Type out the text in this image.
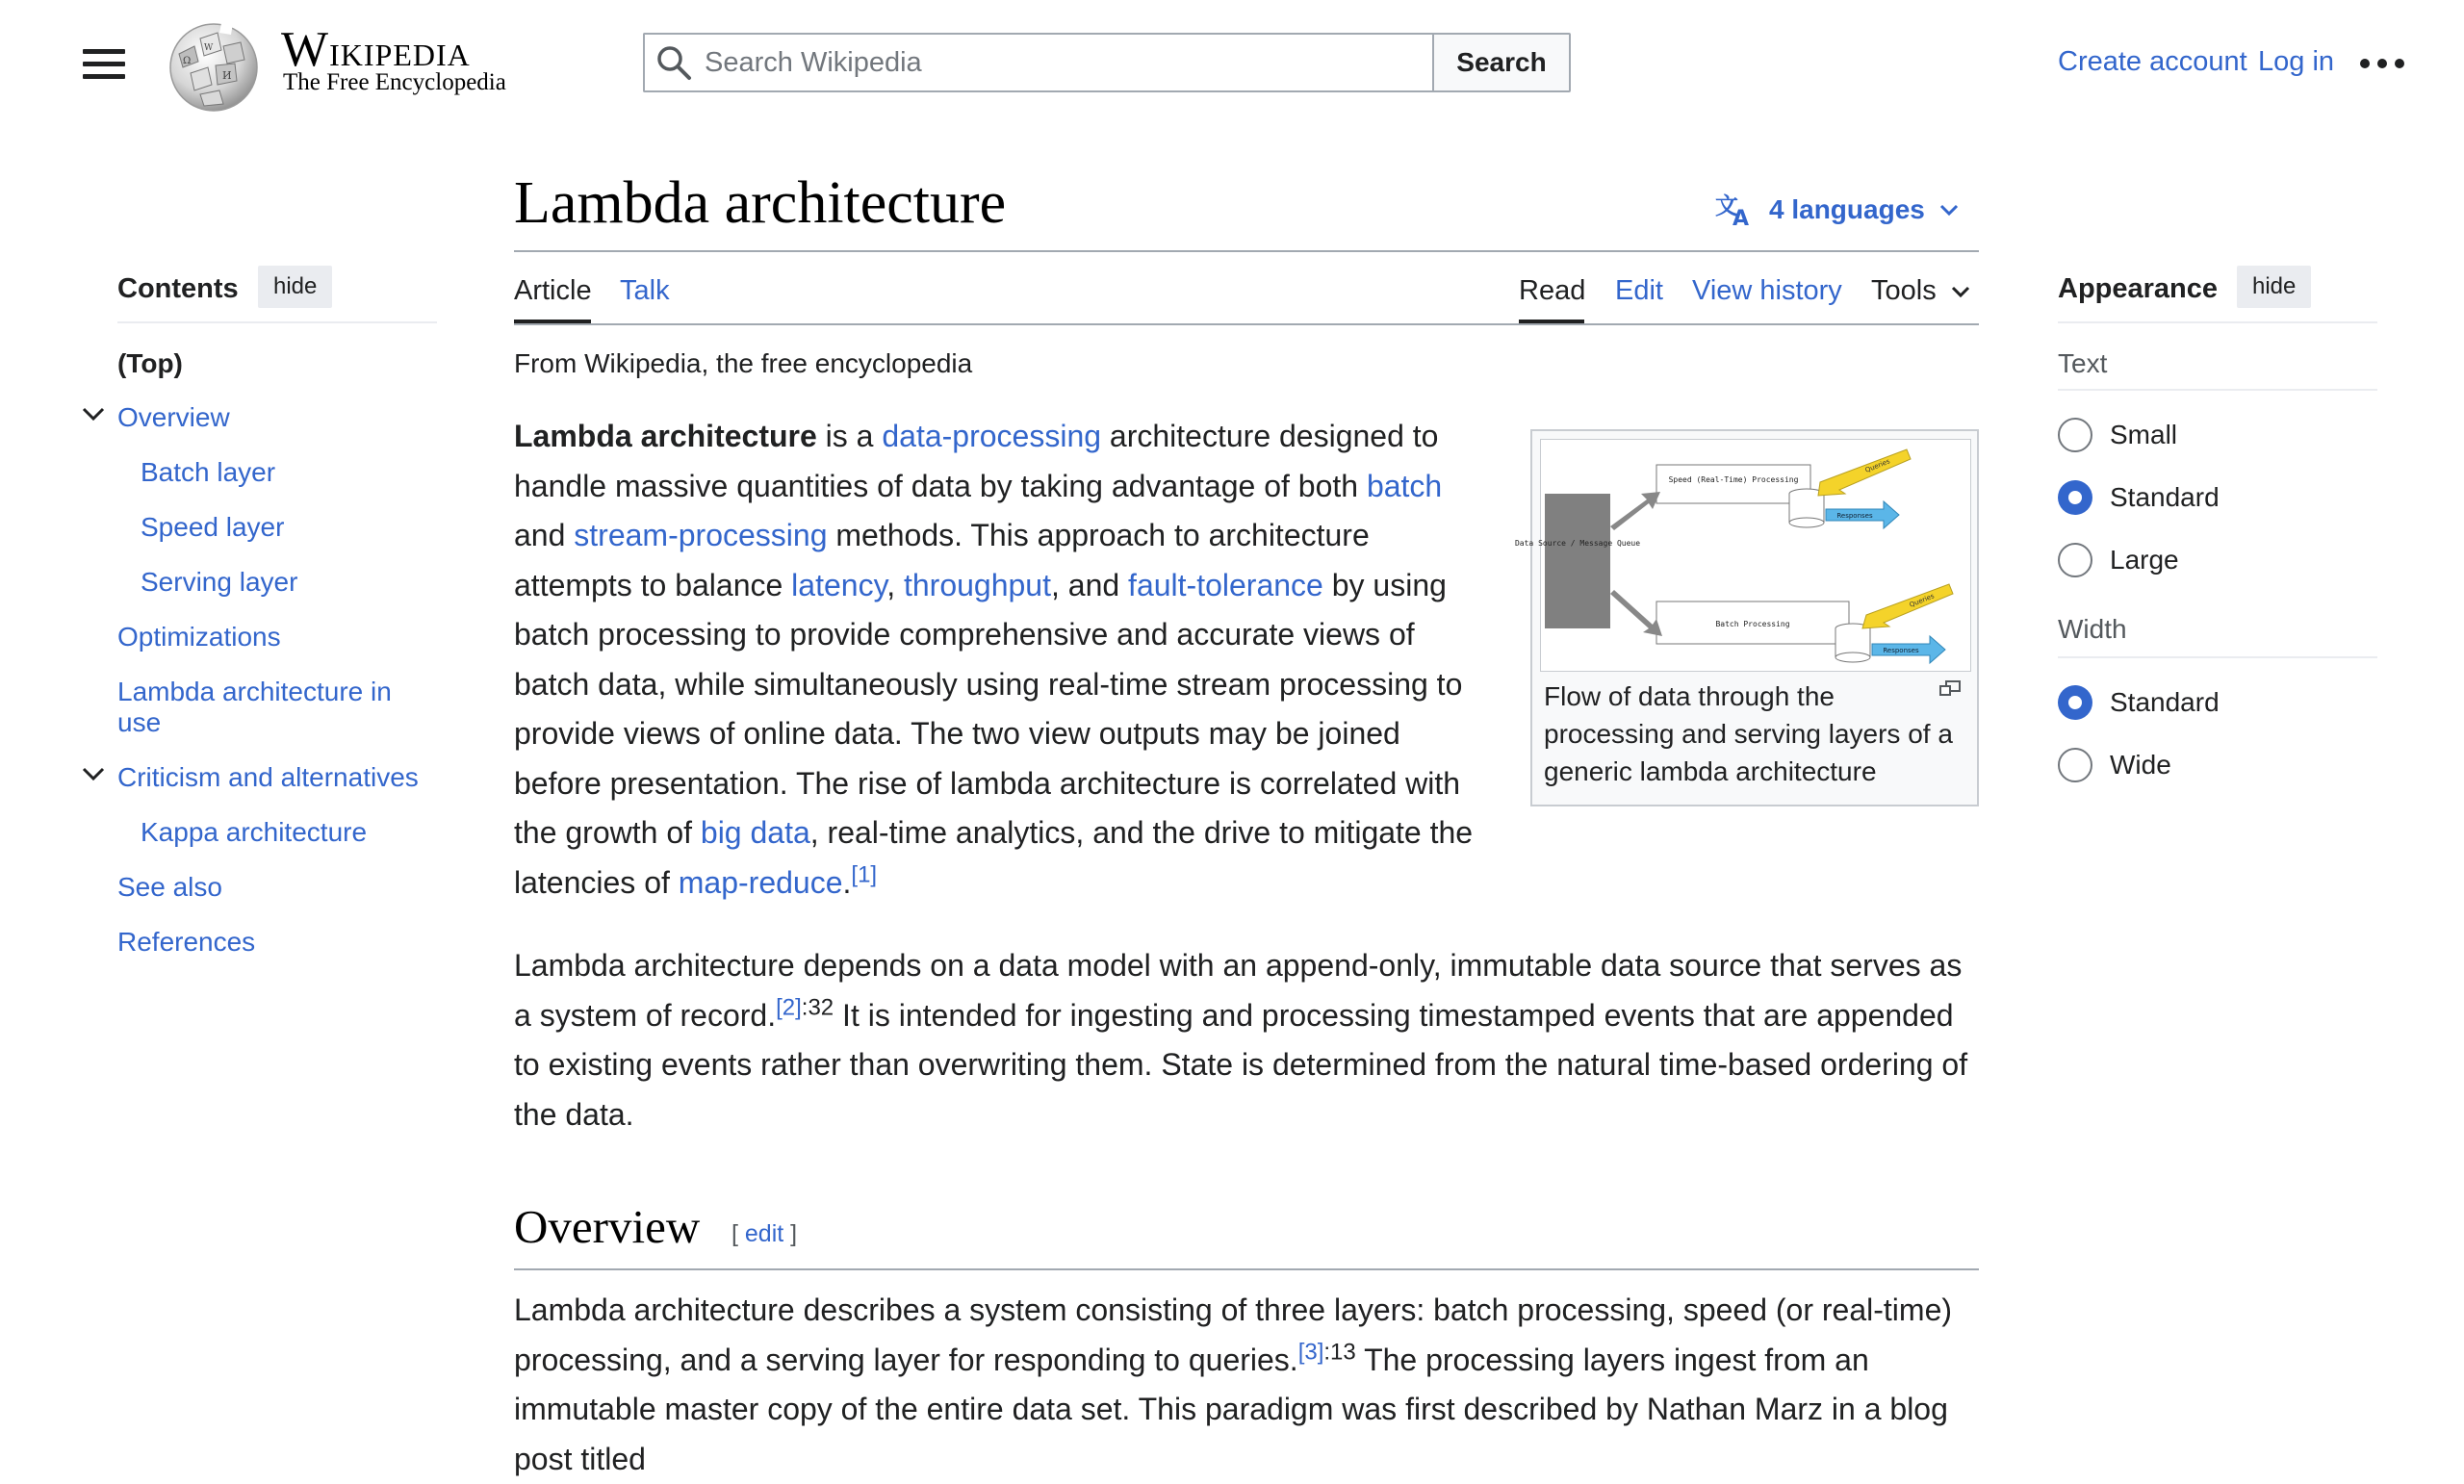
Ω
И
W Wikipedia
The Free Encyclopedia
Search Wikipedia
Search	Create account Log in
Lambda architecture	文
A 4 languages
Article Talk	Read Edit View history Tools
From Wikipedia, the free encyclopedia
Contents	hide
(Top)
Overview
Batch layer
Speed layer
Serving layer
Optimizations
Lambda architecture in use
Criticism and alternatives
Kappa architecture
See also
References
Appearance	hide
Text
Small
Standard
Large
Width
Standard
Wide
Lambda architecture is a data-processing architecture designed to handle massive quantities of data by taking advantage of both batch and stream-processing methods. This approach to architecture attempts to balance latency, throughput, and fault-tolerance by using batch processing to provide comprehensive and accurate views of batch data, while simultaneously using real-time stream processing to provide views of online data. The two view outputs may be joined before presentation. The rise of lambda architecture is correlated with the growth of big data, real-time analytics, and the drive to mitigate the latencies of map-reduce.[1]
Data Source / Message Queue
Speed (Real-Time) Processing
Batch Processing
Queries
Responses
Queries
Responses
Flow of data through the processing and serving layers of a generic lambda architecture
Lambda architecture depends on a data model with an append-only, immutable data source that serves as a system of record.$^{[2]:32}$ It is intended for ingesting and processing timestamped events that are appended to existing events rather than overwriting them. State is determined from the natural time-based ordering of the data.
Overview [ edit ]
Lambda architecture describes a system consisting of three layers: batch processing, speed (or real-time) processing, and a serving layer for responding to queries.$^{[3]:13}$ The processing layers ingest from an immutable master copy of the entire data set. This paradigm was first described by Nathan Marz in a blog post titled
